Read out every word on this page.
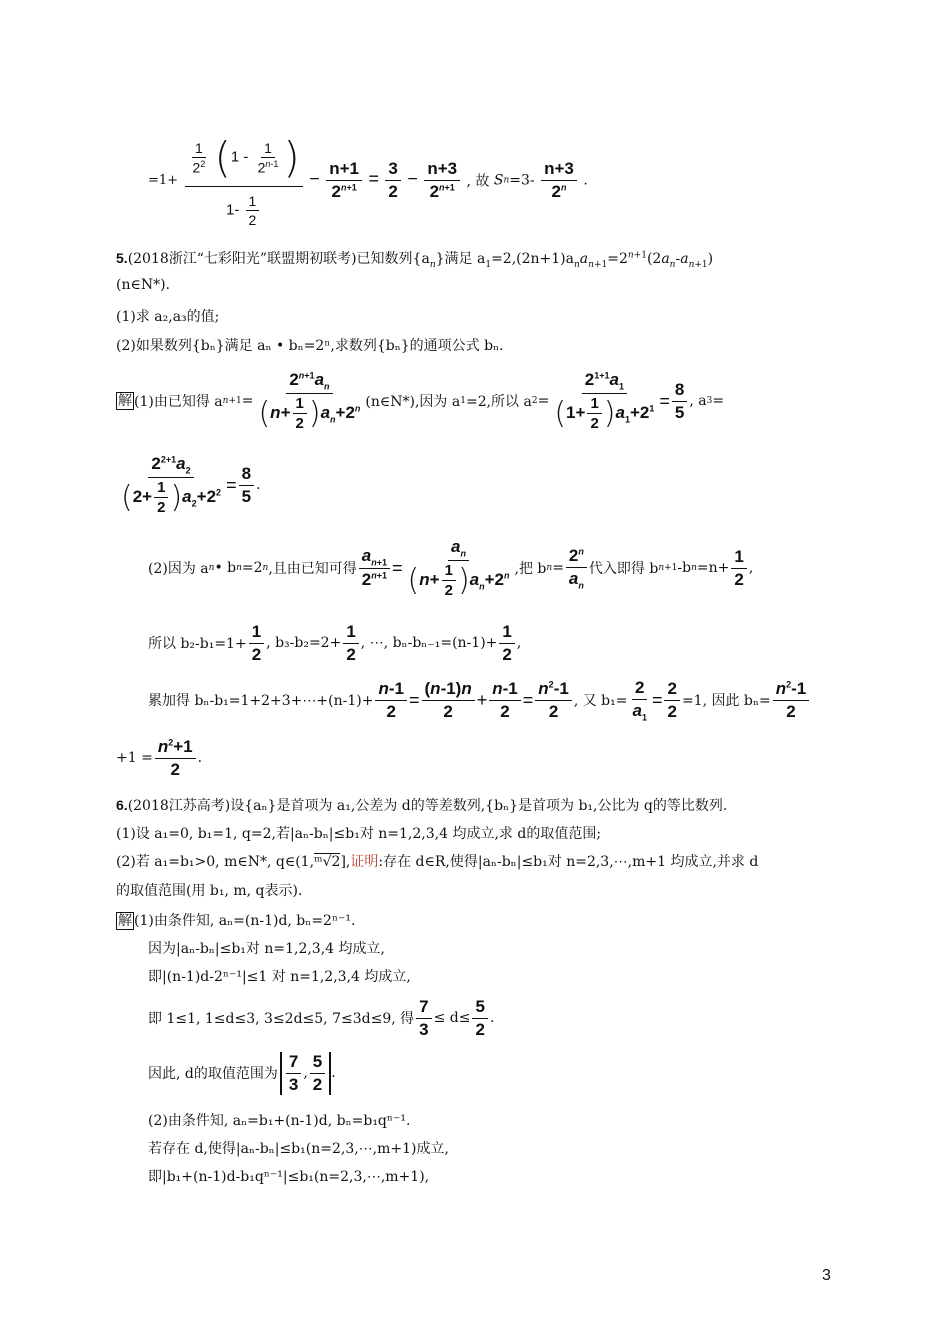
$=1+ \frac{\frac{1}{2^2} (1 - \frac{1}{2^{n-1}} )}{1- \frac{1}{2}} - \frac{n+1}{2^{n+1}} = \frac{3}{2} - \frac{n+3}{2^{n+1}}$ , 故 $Sn=3- \frac{n+3}{2^n}$ .
5.(2018浙江“七彩阳光”联盟期初联考)已知数列$\{a_n\}$满足 $a_1=2,(2n+1)a_na_{n+1}=2^{n+1}(2a_n-a_{n+1})$
(n∈N*).
(1)求 a₂,a₃的值;
(2)如果数列{bₙ}满足 aₙ • bₙ=2ⁿ,求数列{bₙ}的通项公式 bₙ.
解 (1)由已知得 a n+1 =
$2^{n+1}a_n$
$(n+ \frac{1}{2} )a_n+2^n$ (n∈N*),因为 a 1 =2,所以 a $2 = \frac{2^{1+1}a_1}{(1+ \frac{1}{2} )a_1+2^1} = \frac{8}{5}$ , a 3 =
$\frac{2^{2+1}a_2}{(2+ \frac{1}{2} )a_2+2^2} = \frac{8}{5}$ .
(2)因为 a n • b n =2 n ,且由已知可得 $\frac{a_{n+1}}{2^{n+1}} = \frac{a_n}{(n+ \frac{1}{2} )a_n+2^n}$ ,把 b n =
$2^n$
$a_n$
代入即得 b n+1 -b $n =n+ \frac{1}{2}$ ,
所以 $b_2-b_1=1+ \frac{1}{2}$ , $b_3-b_2=2+ \frac{1}{2}$ , ⋯, $b_n-b_{n-1}=(n-1)+ \frac{1}{2}$ ,
累加得 bₙ-b₁=1+2+3+⋯+(n-1)+ $\frac{n-1}{2} = \frac{(n-1)n}{2} + \frac{n-1}{2} = \frac{n^2-1}{2}$ , 又 $b_1= \frac{2}{a_1} = \frac{2}{2} =1$, 因此 $b_n= \frac{n^2-1}{2}$
$+1 = \frac{n^2+1}{2}$ .
6.(2018江苏高考)设{aₙ}是首项为 a₁,公差为 d的等差数列,{bₙ}是首项为 b₁,公比为 q的等比数列.
(1)设 a₁=0, b₁=1, q=2,若|aₙ-bₙ|≤b₁对 n=1,2,3,4 均成立,求 d的取值范围;
(2)若 a₁=b₁>0, m∈N*, q∈(1,ᵐ√2],证明:存在 d∈R,使得|aₙ-bₙ|≤b₁对 n=2,3,⋯,m+1 均成立,并求 d
的取值范围(用 b₁, m, q表示).
解 (1)由条件知, aₙ=(n-1)d, bₙ=2ⁿ⁻¹.
因为|aₙ-bₙ|≤b₁对 n=1,2,3,4 均成立,
即|(n-1)d-2ⁿ⁻¹|≤1 对 n=1,2,3,4 均成立,
即 1≤1, 1≤d≤3, 3≤2d≤5, 7≤3d≤9, 得 $\frac{7}{3} \le d\le \frac{5}{2}$ .
因此, d的取值范围为
7
3
,
5
2
.
(2)由条件知, aₙ=b₁+(n-1)d, bₙ=b₁qⁿ⁻¹.
若存在 d,使得|aₙ-bₙ|≤b₁(n=2,3,⋯,m+1)成立,
即|b₁+(n-1)d-b₁qⁿ⁻¹|≤b₁(n=2,3,⋯,m+1),
3
